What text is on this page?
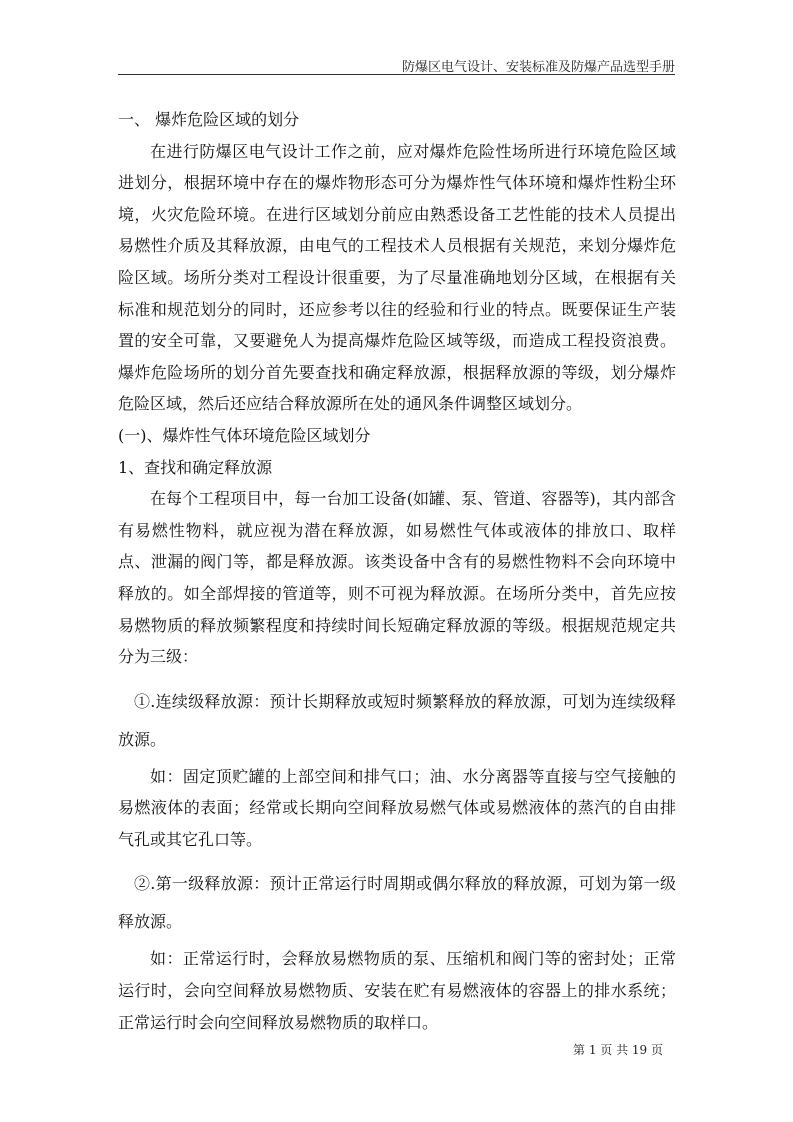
防爆区电气设计、安装标准及防爆产品选型手册

一、 爆炸危险区域的划分

在进行防爆区电气设计工作之前，应对爆炸危险性场所进行环境危险区域进划分，根据环境中存在的爆炸物形态可分为爆炸性气体环境和爆炸性粉尘环境，火灾危险环境。在进行区域划分前应由熟悉设备工艺性能的技术人员提出易燃性介质及其释放源，由电气的工程技术人员根据有关规范，来划分爆炸危险区域。场所分类对工程设计很重要，为了尽量准确地划分区域，在根据有关标准和规范划分的同时，还应参考以往的经验和行业的特点。既要保证生产装置的安全可靠，又要避免人为提高爆炸危险区域等级，而造成工程投资浪费。爆炸危险场所的划分首先要查找和确定释放源，根据释放源的等级，划分爆炸危险区域，然后还应结合释放源所在处的通风条件调整区域划分。

(一)、爆炸性气体环境危险区域划分

1、查找和确定释放源

在每个工程项目中，每一台加工设备(如罐、泵、管道、容器等)，其内部含有易燃性物料，就应视为潜在释放源，如易燃性气体或液体的排放口、取样点、泄漏的阀门等，都是释放源。该类设备中含有的易燃性物料不会向环境中释放的。如全部焊接的管道等，则不可视为释放源。在场所分类中，首先应按易燃物质的释放频繁程度和持续时间长短确定释放源的等级。根据规范规定共分为三级：

①.连续级释放源：预计长期释放或短时频繁释放的释放源，可划为连续级释放源。

如：固定顶贮罐的上部空间和排气口；油、水分离器等直接与空气接触的易燃液体的表面；经常或长期向空间释放易燃气体或易燃液体的蒸汽的自由排气孔或其它孔口等。

②.第一级释放源：预计正常运行时周期或偶尔释放的释放源，可划为第一级释放源。

如：正常运行时，会释放易燃物质的泵、压缩机和阀门等的密封处；正常运行时，会向空间释放易燃物质、安装在贮有易燃液体的容器上的排水系统；正常运行时会向空间释放易燃物质的取样口。

第 1 页 共 19 页
